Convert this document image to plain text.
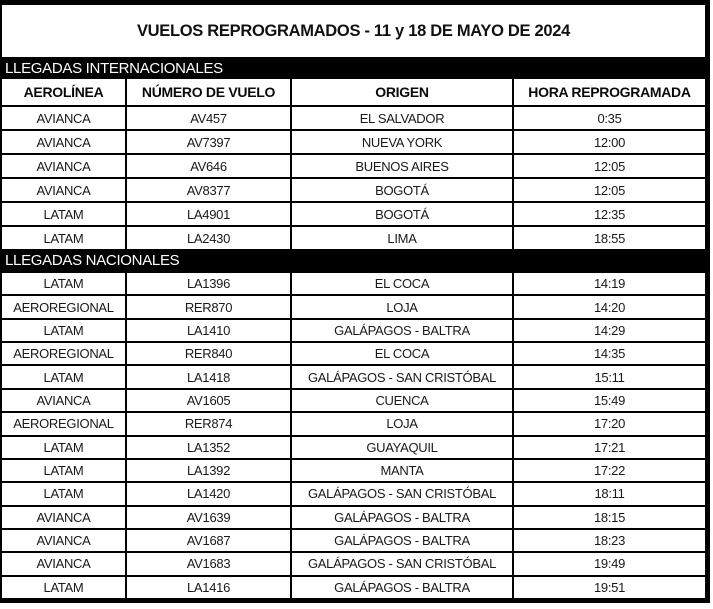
VUELOS REPROGRAMADOS - 11 y 18 DE MAYO DE 2024
LLEGADAS INTERNACIONALES
AEROLÍNEA	NÚMERO DE VUELO	ORIGEN	HORA REPROGRAMADA
AVIANCA	AV457	EL SALVADOR	0:35
AVIANCA	AV7397	NUEVA YORK	12:00
AVIANCA	AV646	BUENOS AIRES	12:05
AVIANCA	AV8377	BOGOTÁ	12:05
LATAM	LA4901	BOGOTÁ	12:35
LATAM	LA2430	LIMA	18:55
LLEGADAS NACIONALES
LATAM	LA1396	EL COCA	14:19
AEROREGIONAL	RER870	LOJA	14:20
LATAM	LA1410	GALÁPAGOS - BALTRA	14:29
AEROREGIONAL	RER840	EL COCA	14:35
LATAM	LA1418	GALÁPAGOS - SAN CRISTÓBAL	15:11
AVIANCA	AV1605	CUENCA	15:49
AEROREGIONAL	RER874	LOJA	17:20
LATAM	LA1352	GUAYAQUIL	17:21
LATAM	LA1392	MANTA	17:22
LATAM	LA1420	GALÁPAGOS - SAN CRISTÓBAL	18:11
AVIANCA	AV1639	GALÁPAGOS - BALTRA	18:15
AVIANCA	AV1687	GALÁPAGOS - BALTRA	18:23
AVIANCA	AV1683	GALÁPAGOS - SAN CRISTÓBAL	19:49
LATAM	LA1416	GALÁPAGOS - BALTRA	19:51
